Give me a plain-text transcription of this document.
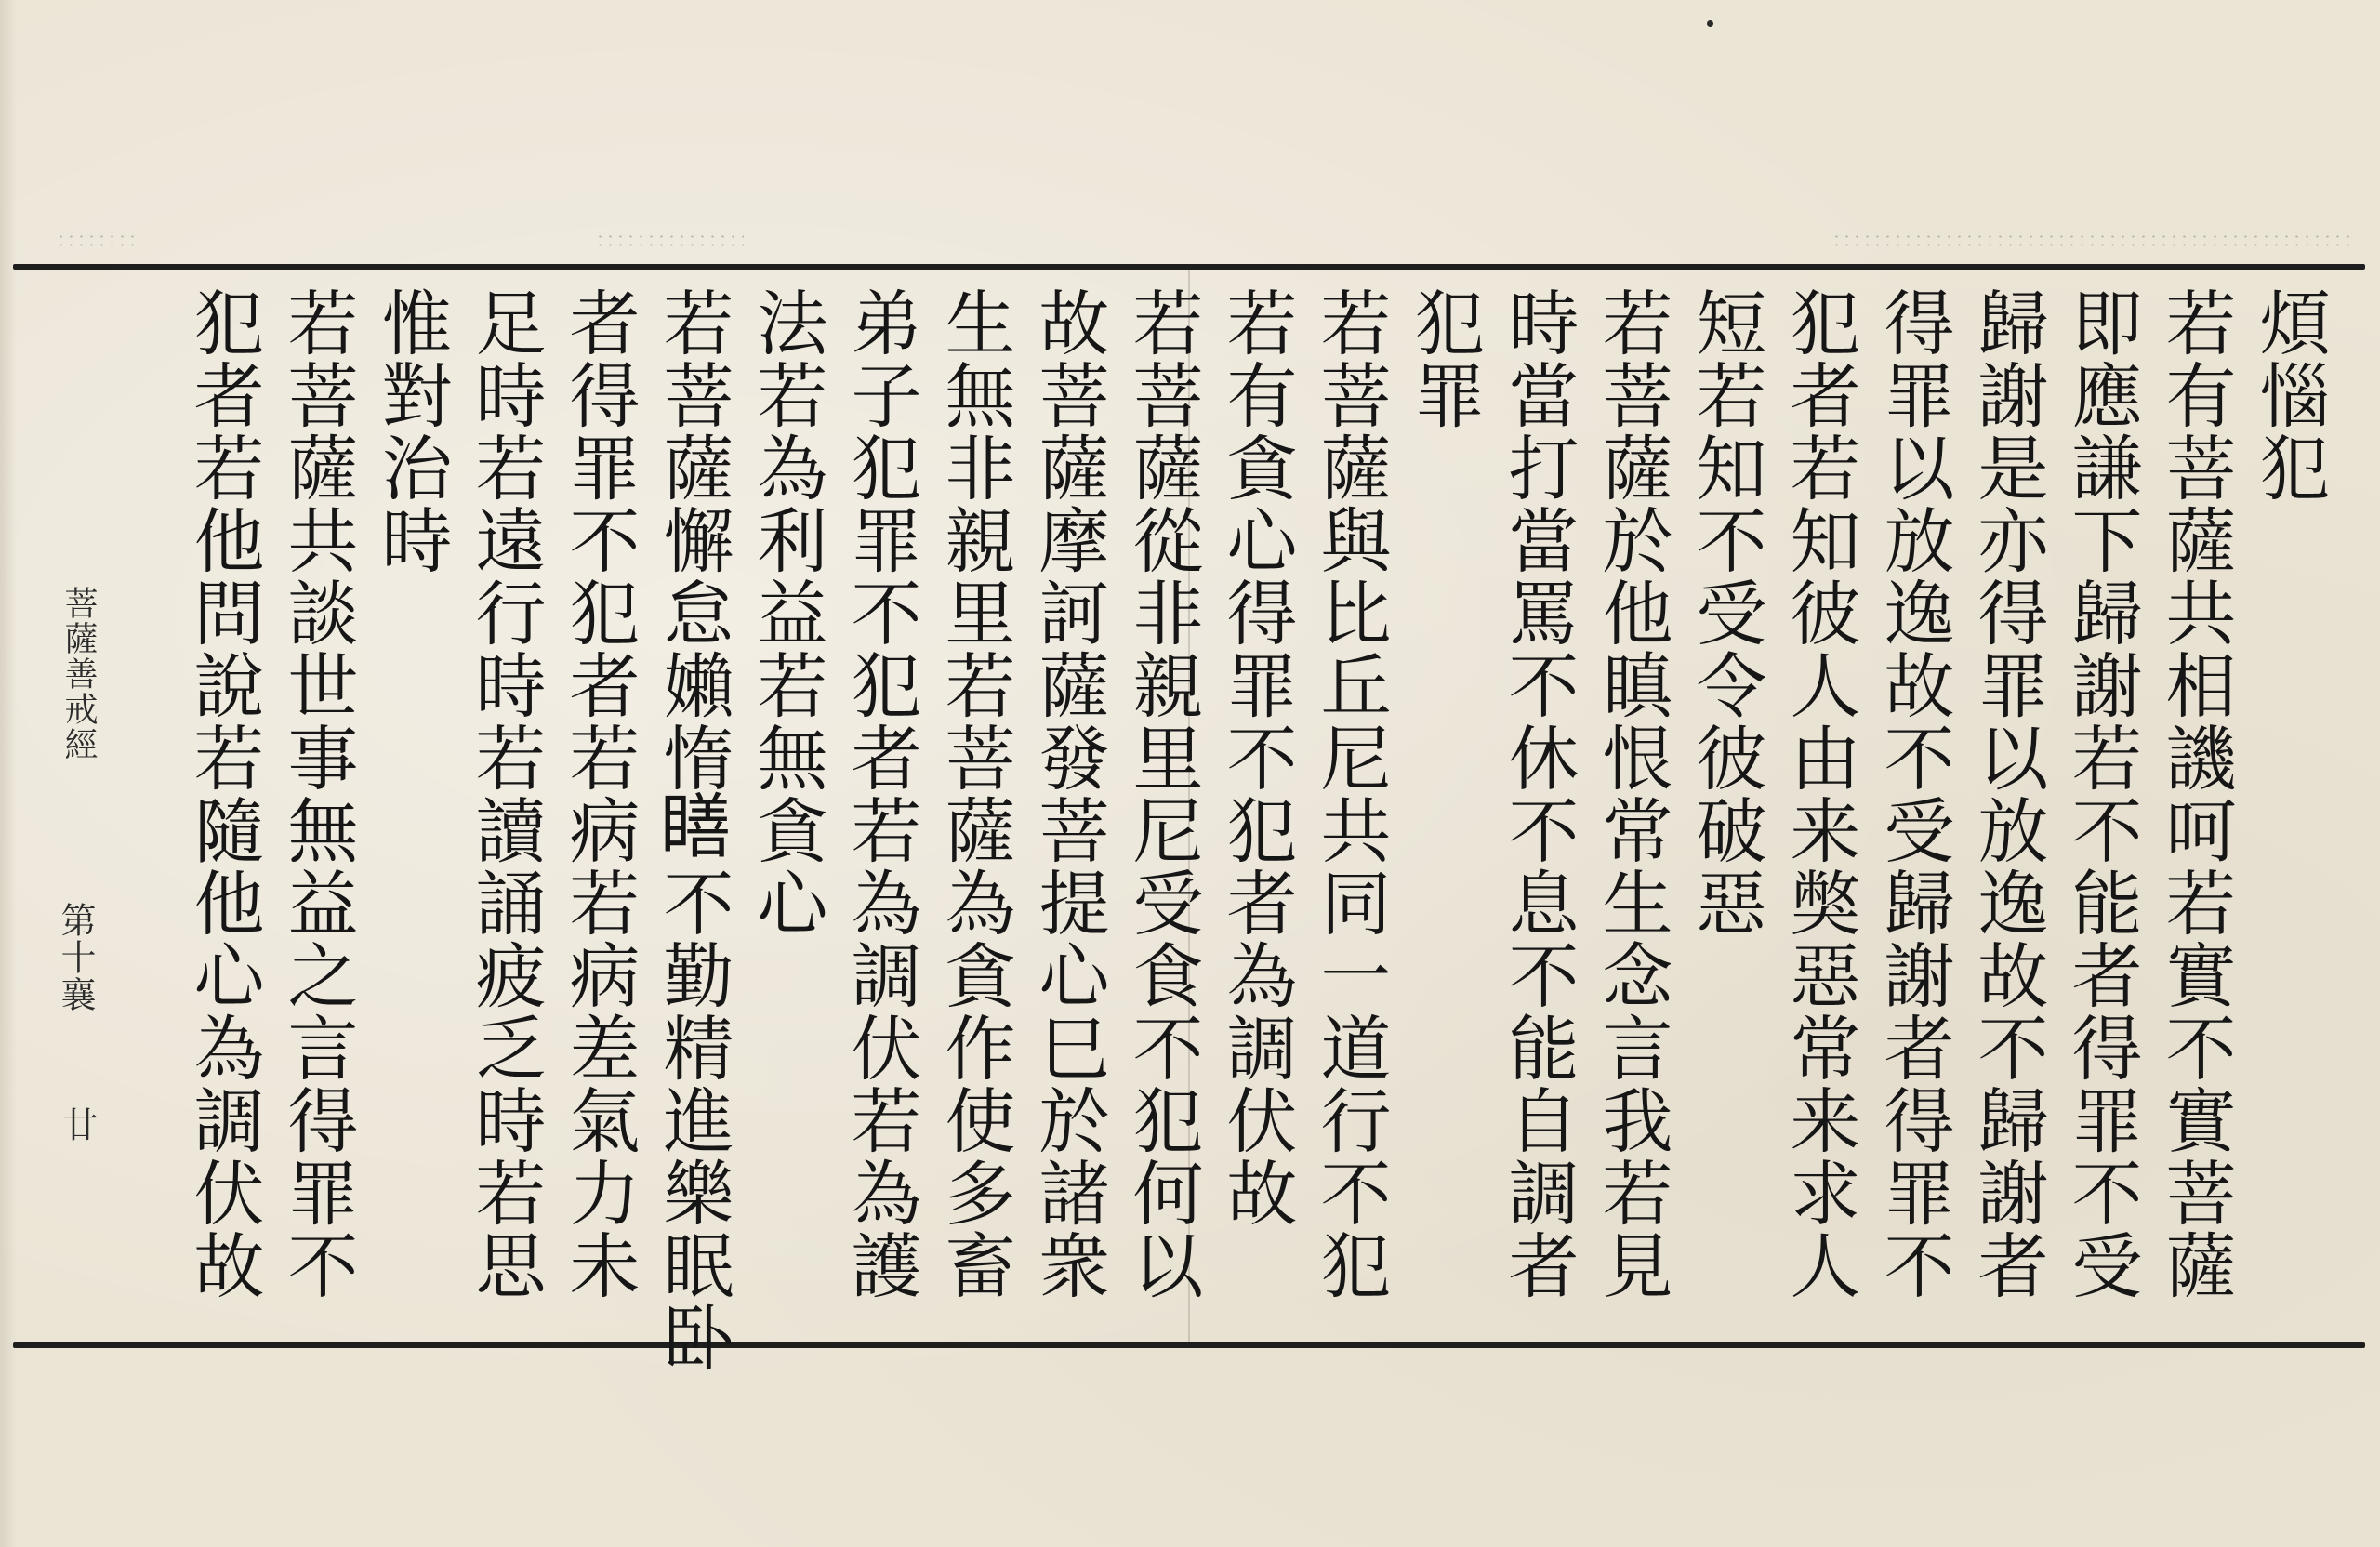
煩惱犯

若有菩薩共相譏呵若實不實菩薩

即應謙下歸謝若不能者得罪不受

歸謝是亦得罪以放逸故不歸謝者

得罪以放逸故不受歸謝者得罪不

犯者若知彼人由来獘惡常来求人

短若知不受令彼破惡

若菩薩於他瞋恨常生念言我若見

時當打當罵不休不息不能自調者

犯罪

若菩薩與比丘尼共同一道行不犯

若有貪心得罪不犯者為調伏故

若菩薩從非親里尼受食不犯何以

故菩薩摩訶薩發菩提心巳於諸衆

生無非親里若菩薩為貪作使多畜

弟子犯罪不犯者若為調伏若為護

法若為利益若無貪心

若菩薩懈怠嬾惰𥊳不勤精進樂眠卧

者得罪不犯者若病若病差氣力未

足時若遠行時若讀誦疲乏時若思

惟對治時

若菩薩共談世事無益之言得罪不

犯者若他問說若隨他心為調伏故

菩薩善戒經

第十襄

廿
